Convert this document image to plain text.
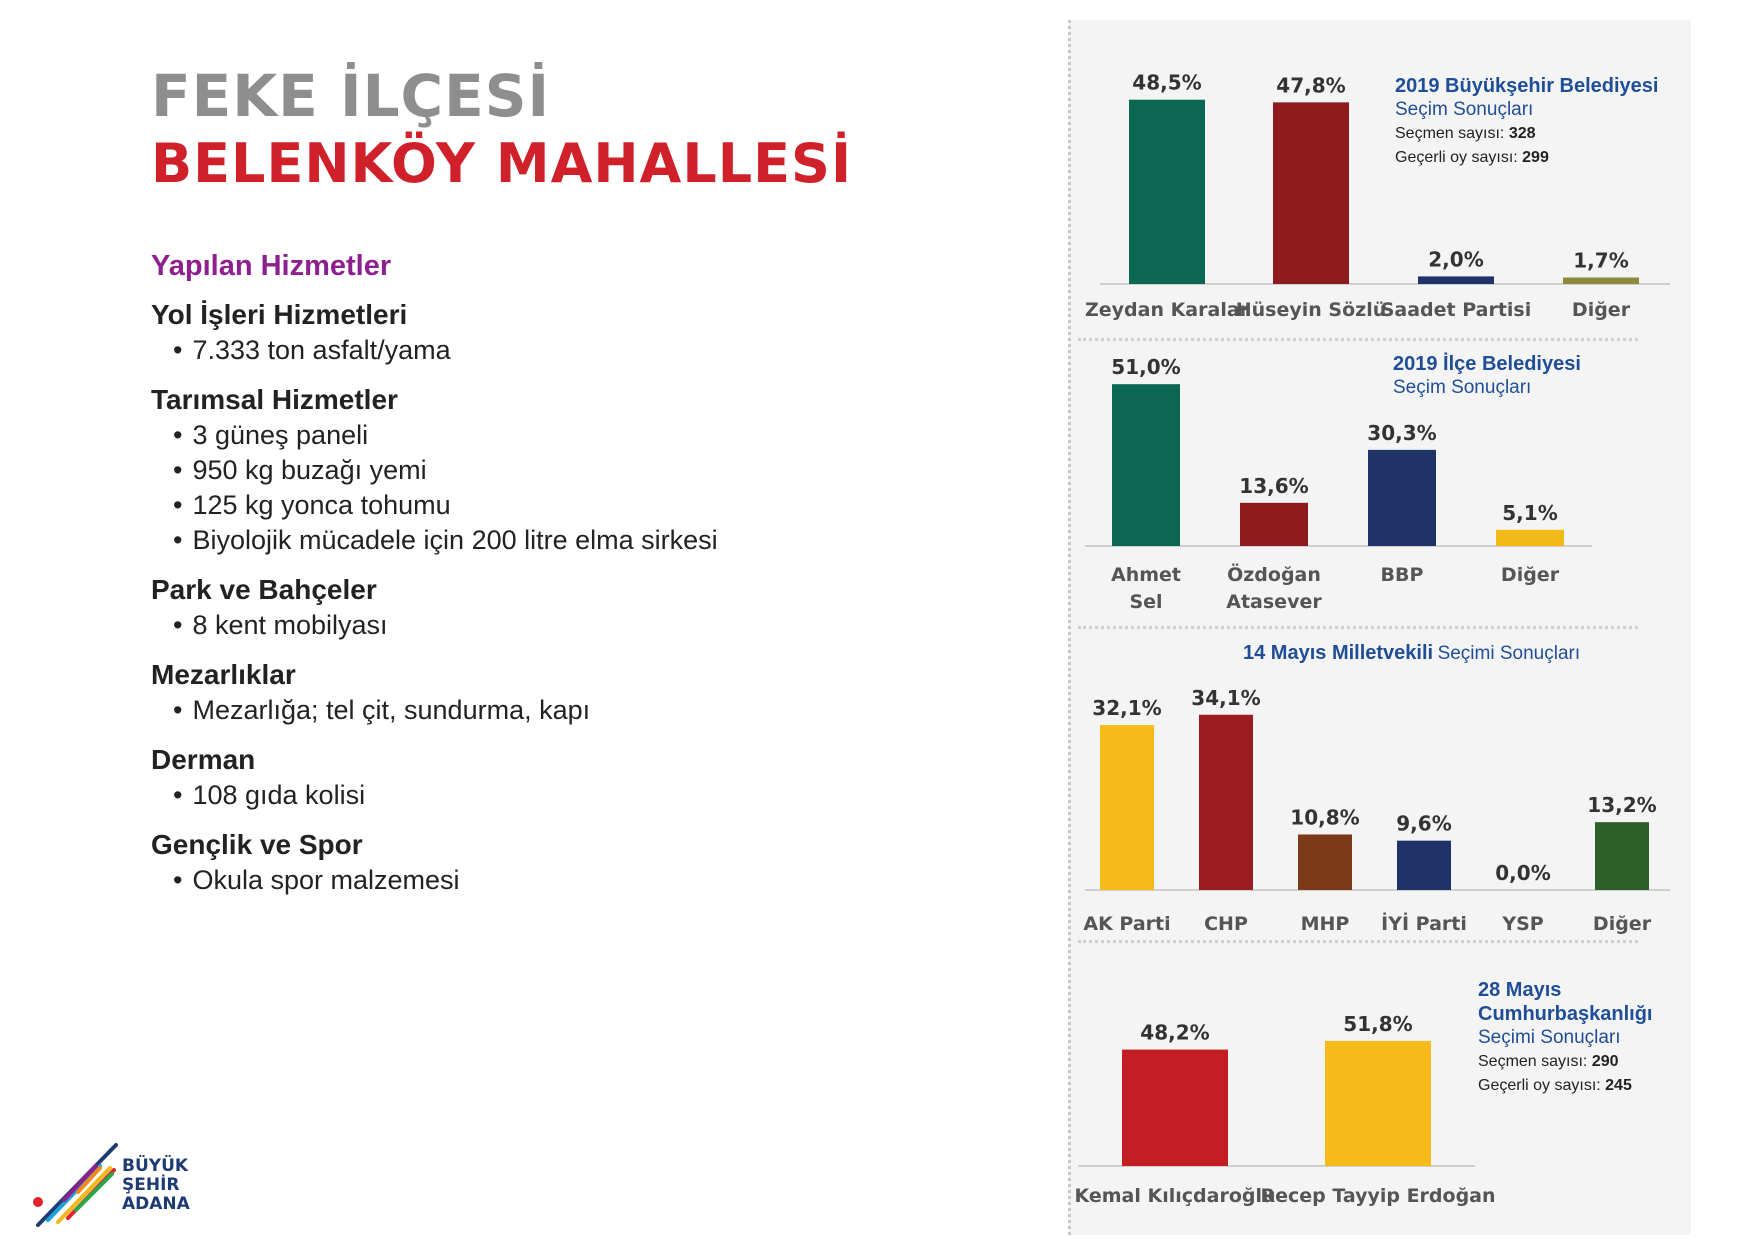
FEKE İLÇESİ
BELENKÖY MAHALLESİ
Yapılan Hizmetler
Yol İşleri Hizmetleri
• 7.333 ton asfalt/yama
Tarımsal Hizmetler
• 3 güneş paneli
• 950 kg buzağı yemi
• 125 kg yonca tohumu
• Biyolojik mücadele için 200 litre elma sirkesi
Park ve Bahçeler
• 8 kent mobilyası
Mezarlıklar
• Mezarlığa; tel çit, sundurma, kapı
Derman
• 108 gıda kolisi
Gençlik ve Spor
• Okula spor malzemesi
BÜYÜK
ŞEHİR
ADANA
2019 Büyükşehir Belediyesi
Seçim Sonuçları
Seçmen sayısı: 328
Geçerli oy sayısı: 299
2019 İlçe Belediyesi
Seçim Sonuçları
14 Mayıs Milletvekili Seçimi Sonuçları
28 Mayıs
Cumhurbaşkanlığı
Seçimi Sonuçları
Seçmen sayısı: 290
Geçerli oy sayısı: 245
48,5%
Zeydan Karalar
47,8%
Hüseyin Sözlü
2,0%
Saadet Partisi
1,7%
Diğer
51,0%
Ahmet Sel
13,6%
Özdoğan Atasever
30,3%
BBP
5,1%
Diğer
32,1%
AK Parti
34,1%
CHP
10,8%
MHP
9,6%
İYİ Parti
0,0%
YSP
13,2%
Diğer
48,2%
Kemal Kılıçdaroğlu
51,8%
Recep Tayyip Erdoğan
